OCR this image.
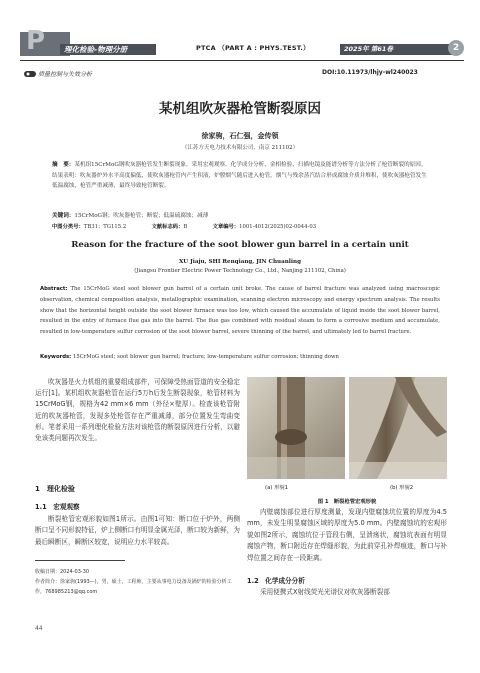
P	理化检验-物理分册	PTCA （PART A : PHYS.TEST.）	2025年 第61卷	2
质量控制与失效分析	DOI:10.11973/lhjy-wl240023
某机组吹灰器枪管断裂原因
徐家驹，石仁强，金传领
（江苏方天电力技术有限公司，南京 211102）
摘　要：某机组15CrMoG钢吹灰器枪管发生断裂现象。采用宏观观察、化学成分分析、金相检验、扫描电镜及能谱分析等方法分析了枪管断裂的原因。结果表明：吹灰器炉外水平高度偏低，使吹灰器枪管内产生积液，炉膛烟气随后进入枪管，烟气与残余蒸汽结合形成腐蚀介质并堆积，使吹灰器枪管发生低温腐蚀，枪管严重减薄，最终导致枪管断裂。
关键词：15CrMoG钢；吹灰器枪管；断裂；低温硫腐蚀；减薄
中图分类号：TB31；TG115.2	文献标志码：B	文章编号：1001-4012(2025)02-0044-03
Reason for the fracture of the soot blower gun barrel in a certain unit
XU Jiaju, SHI Renqiang, JIN Chuanling
(Jiangsu Frontier Electric Power Technology Co., Ltd., Nanjing 211102, China)
Abstract: The 15CrMoG steel soot blower gun barrel of a certain unit broke. The cause of barrel fracture was analyzed using macroscopic observation, chemical composition analysis, metallographic examination, scanning electron microscopy and energy spectrum analysis. The results show that the horizontal height outside the soot blower furnace was too low, which caused the accumulate of liquid inside the soot blower barrel, resulted in the entry of furnace flue gas into the barrel. The flue gas combined with residual steam to form a corrosive medium and accumulate, resulted in low-temperature sulfur corrosion of the soot blower barrel, severe thinning of the barrel, and ultimately led to barrel fracture.
Keywords: 15CrMoG steel; soot blower gun barrel; fracture; low-temperature sulfur corrosion; thinning down
吹灰器是火力机组的重要组成部件，可保障受热面管道的安全稳定运行[1]。某机组吹灰器枪管在运行5万h后发生断裂现象，枪管材料为15CrMoG钢，规格为42 mm×6 mm（外径×壁厚）。检查该枪管附近的吹灰器枪管，发现多处枪管存在严重减薄，部分位置发生弯曲变形。笔者采用一系列理化检验方法对该枪管的断裂原因进行分析，以避免该类问题再次发生。
1　理化检验
1.1　宏观观察
断裂枪管宏观形貌如图1所示。由图1可知：断口位于炉外，两侧断口呈不同形貌特征，炉上侧断口有明显金属光泽，断口较为新鲜，为最后瞬断区，瞬断区较宽，说明应力水平较高。
收稿日期：2024-03-30
作者简介：徐家驹(1993—)，男，硕士，工程师，主要从事电力设备及锅炉的检验分析工作，768985213@qq.com
44
(a) 形貌1	(b) 形貌2
图 1　断裂枪管宏观形貌
内壁腐蚀部位进行厚度测量，发现内壁腐蚀坑位置的厚度为4.5 mm，未发生明显腐蚀区域的厚度为5.0 mm。内壁腐蚀坑的宏观形貌如图2所示，腐蚀坑位于管段右侧，呈溃疡状，腐蚀坑表面有明显腐蚀产物，断口附近存在焊缝形貌，为此前穿孔补焊痕迹，断口与补焊位置之间存在一段距离。
1.2　化学成分分析
采用便携式X射线荧光光谱仪对吹灰器断裂部
